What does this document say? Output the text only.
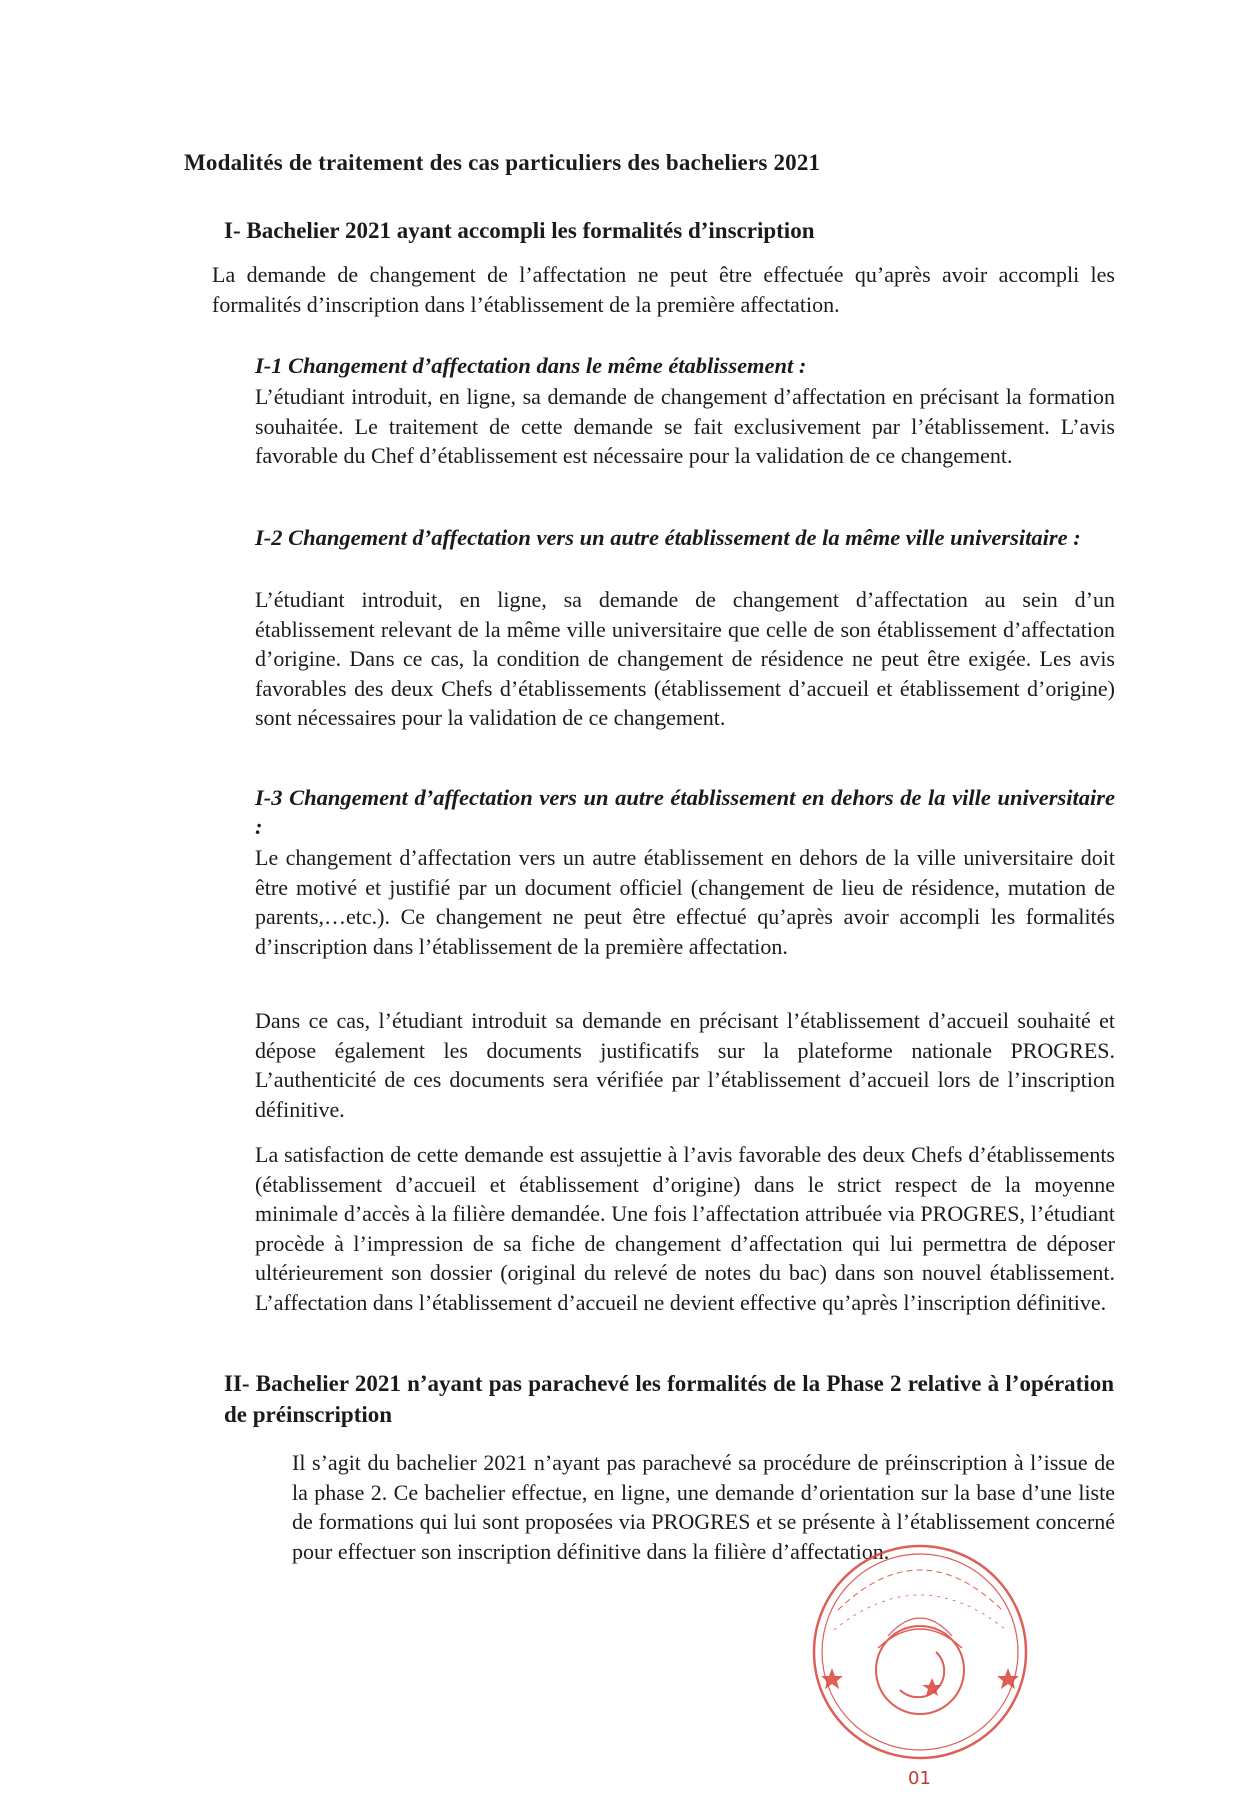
Modalités de traitement des cas particuliers des bacheliers 2021
I- Bachelier 2021 ayant accompli les formalités d’inscription
La demande de changement de l’affectation ne peut être effectuée qu’après avoir accompli les formalités d’inscription dans l’établissement de la première affectation.
I-1 Changement d’affectation dans le même établissement :
L’étudiant introduit, en ligne, sa demande de changement d’affectation en précisant la formation souhaitée. Le traitement de cette demande se fait exclusivement par l’établissement. L’avis favorable du Chef d’établissement est nécessaire pour la validation de ce changement.
I-2 Changement d’affectation vers un autre établissement de la même ville universitaire :
L’étudiant introduit, en ligne, sa demande de changement d’affectation au sein d’un établissement relevant de la même ville universitaire que celle de son établissement d’affectation d’origine. Dans ce cas, la condition de changement de résidence ne peut être exigée. Les avis favorables des deux Chefs d’établissements (établissement d’accueil et établissement d’origine) sont nécessaires pour la validation de ce changement.
I-3 Changement d’affectation vers un autre établissement en dehors de la ville universitaire :
Le changement d’affectation vers un autre établissement en dehors de la ville universitaire doit être motivé et justifié par un document officiel (changement de lieu de résidence, mutation de parents,…etc.). Ce changement ne peut être effectué qu’après avoir accompli les formalités d’inscription dans l’établissement de la première affectation.
Dans ce cas, l’étudiant introduit sa demande en précisant l’établissement d’accueil souhaité et dépose également les documents justificatifs sur la plateforme nationale PROGRES. L’authenticité de ces documents sera vérifiée par l’établissement d’accueil lors de l’inscription définitive.
La satisfaction de cette demande est assujettie à l’avis favorable des deux Chefs d’établissements (établissement d’accueil et établissement d’origine) dans le strict respect de la moyenne minimale d’accès à la filière demandée. Une fois l’affectation attribuée via PROGRES, l’étudiant procède à l’impression de sa fiche de changement d’affectation qui lui permettra de déposer ultérieurement son dossier (original du relevé de notes du bac) dans son nouvel établissement. L’affectation dans l’établissement d’accueil ne devient effective qu’après l’inscription définitive.
II- Bachelier 2021 n’ayant pas parachevé les formalités de la Phase 2 relative à l’opération de préinscription
Il s’agit du bachelier 2021 n’ayant pas parachevé sa procédure de préinscription à l’issue de la phase 2. Ce bachelier effectue, en ligne, une demande d’orientation sur la base d’une liste de formations qui lui sont proposées via PROGRES et se présente à l’établissement concerné pour effectuer son inscription définitive dans la filière d’affectation.
01
